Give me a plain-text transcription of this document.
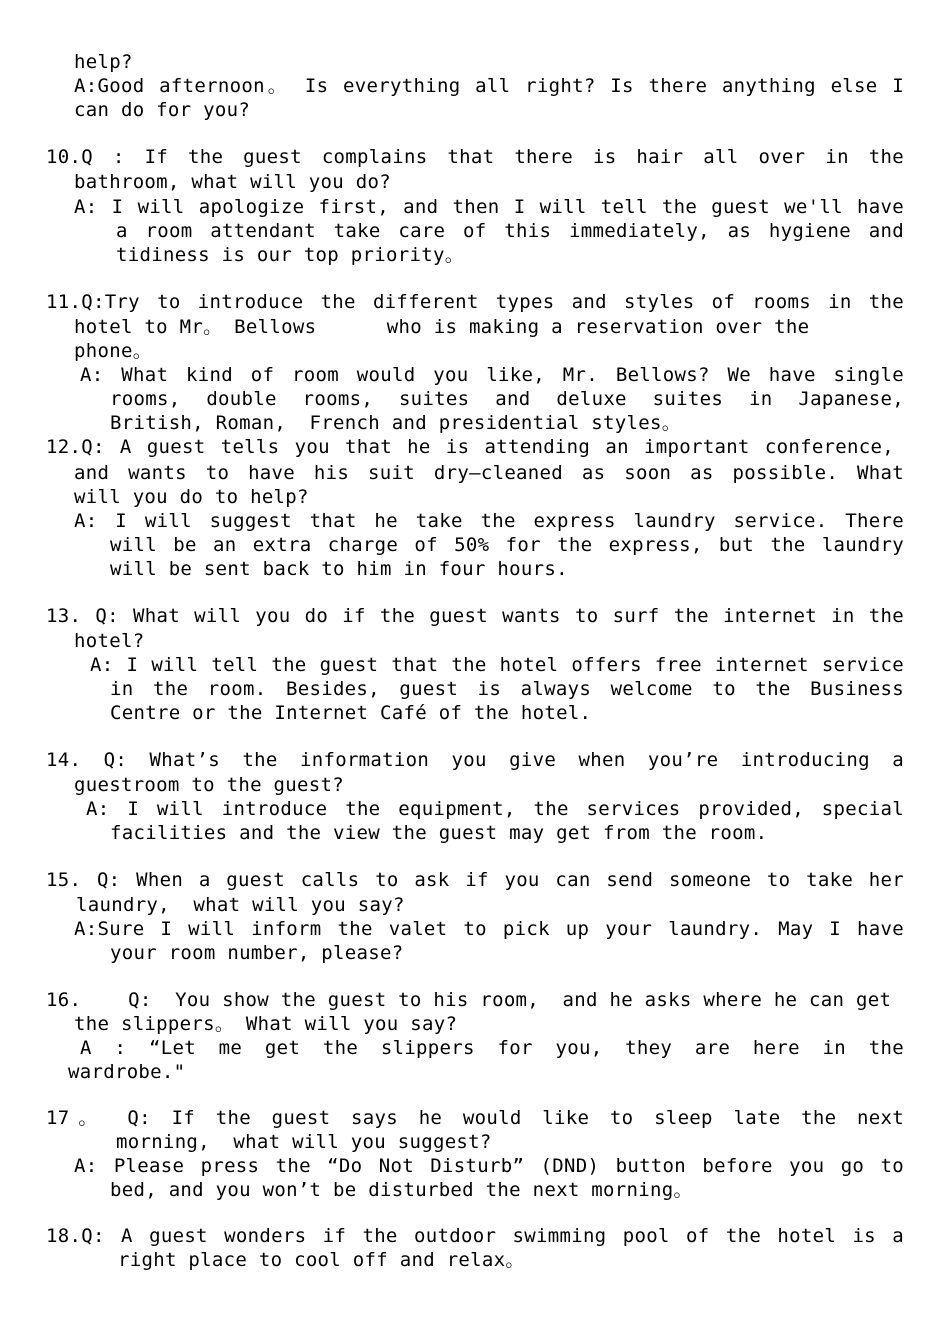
help?
A:Good afternoon。 Is everything all right? Is there anything else I
can do for you?
10.Q : If the guest complains that there is hair all over in the
bathroom, what will you do?
A: I will apologize first, and then I will tell the guest we'll have
a room attendant take care of this immediately, as hygiene and
tidiness is our top priority。
11.Q:Try to introduce the different types and styles of rooms in the
hotel to Mr。 Bellows      who is making a reservation over the
phone。
A: What kind of room would you like, Mr. Bellows? We have single
rooms, double rooms, suites and deluxe suites in Japanese,
British, Roman,  French and presidential styles。
12.Q: A guest tells you that he is attending an important conference,
and wants to have his suit dry—cleaned as soon as possible. What
will you do to help?
A: I will suggest that he take the express laundry service. There
will be an extra charge of 50% for the express, but the laundry
will be sent back to him in four hours.
13. Q: What will you do if the guest wants to surf the internet in the
hotel?
A: I will tell the guest that the hotel offers free internet service
in the room. Besides, guest is always welcome to the Business
Centre or the Internet Café of the hotel.
14. Q: What’s the information you give when you’re introducing a
guestroom to the guest?
A: I will introduce the equipment, the services provided, special
facilities and the view the guest may get from the room.
15. Q: When a guest calls to ask if you can send someone to take her
laundry,  what will you say?
A:Sure I will inform the valet to pick up your laundry. May I have
your room number, please?
16.    Q:  You show the guest to his room,  and he asks where he can get
the slippers。 What will you say?
A : “Let me get the slippers for you, they are here in the
wardrobe."
17。 Q: If the guest says he would like to sleep late the next
morning,  what will you suggest?
A: Please press the “Do Not Disturb” (DND) button before you go to
bed, and you won’t be disturbed the next morning。
18.Q: A guest wonders if the outdoor swimming pool of the hotel is a
right place to cool off and relax。
